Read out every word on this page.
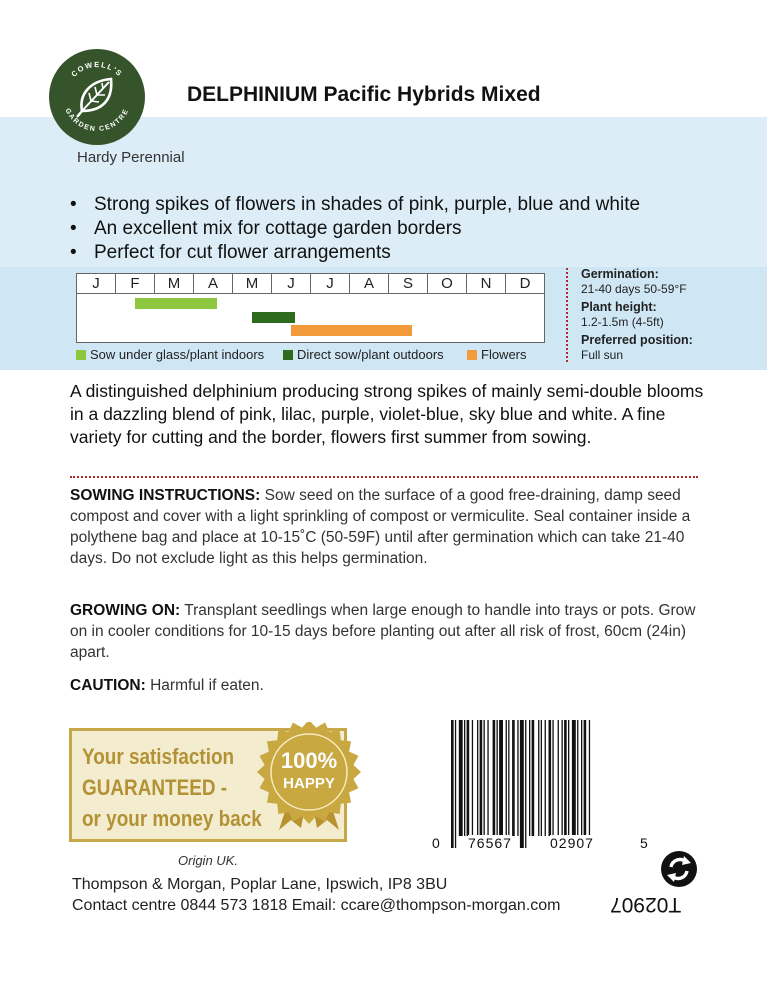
COWELL'S
GARDEN CENTRE
DELPHINIUM Pacific Hybrids Mixed
Hardy Perennial
• Strong spikes of flowers in shades of pink, purple, blue and white
• An excellent mix for cottage garden borders
• Perfect for cut flower arrangements
J	F	M	A	M	J	J	A	S	O	N	D
Sow under glass/plant indoors	Direct sow/plant outdoors	Flowers
Germination:
21-40 days 50-59°F
Plant height:
1.2-1.5m (4-5ft)
Preferred position:
Full sun

A distinguished delphinium producing strong spikes of mainly semi-double blooms in a dazzling blend of pink, lilac, purple, violet-blue, sky blue and white. A fine variety for cutting and the border, flowers first summer from sowing.

SOWING INSTRUCTIONS: Sow seed on the surface of a good free-draining, damp seed compost and cover with a light sprinkling of compost or vermiculite. Seal container inside a polythene bag and place at 10-15˚C (50-59F) until after germination which can take 21-40 days. Do not exclude light as this helps germination.

GROWING ON: Transplant seedlings when large enough to handle into trays or pots. Grow on in cooler conditions for 10-15 days before planting out after all risk of frost, 60cm (24in) apart.

CAUTION: Harmful if eaten.

Your satisfaction
GUARANTEED -
or your money back
100%
HAPPY
0 76567	02907	5
Origin UK.
Thompson & Morgan, Poplar Lane, Ipswich, IP8 3BU
Contact centre 0844 573 1818 Email: ccare@thompson-morgan.com T02907
